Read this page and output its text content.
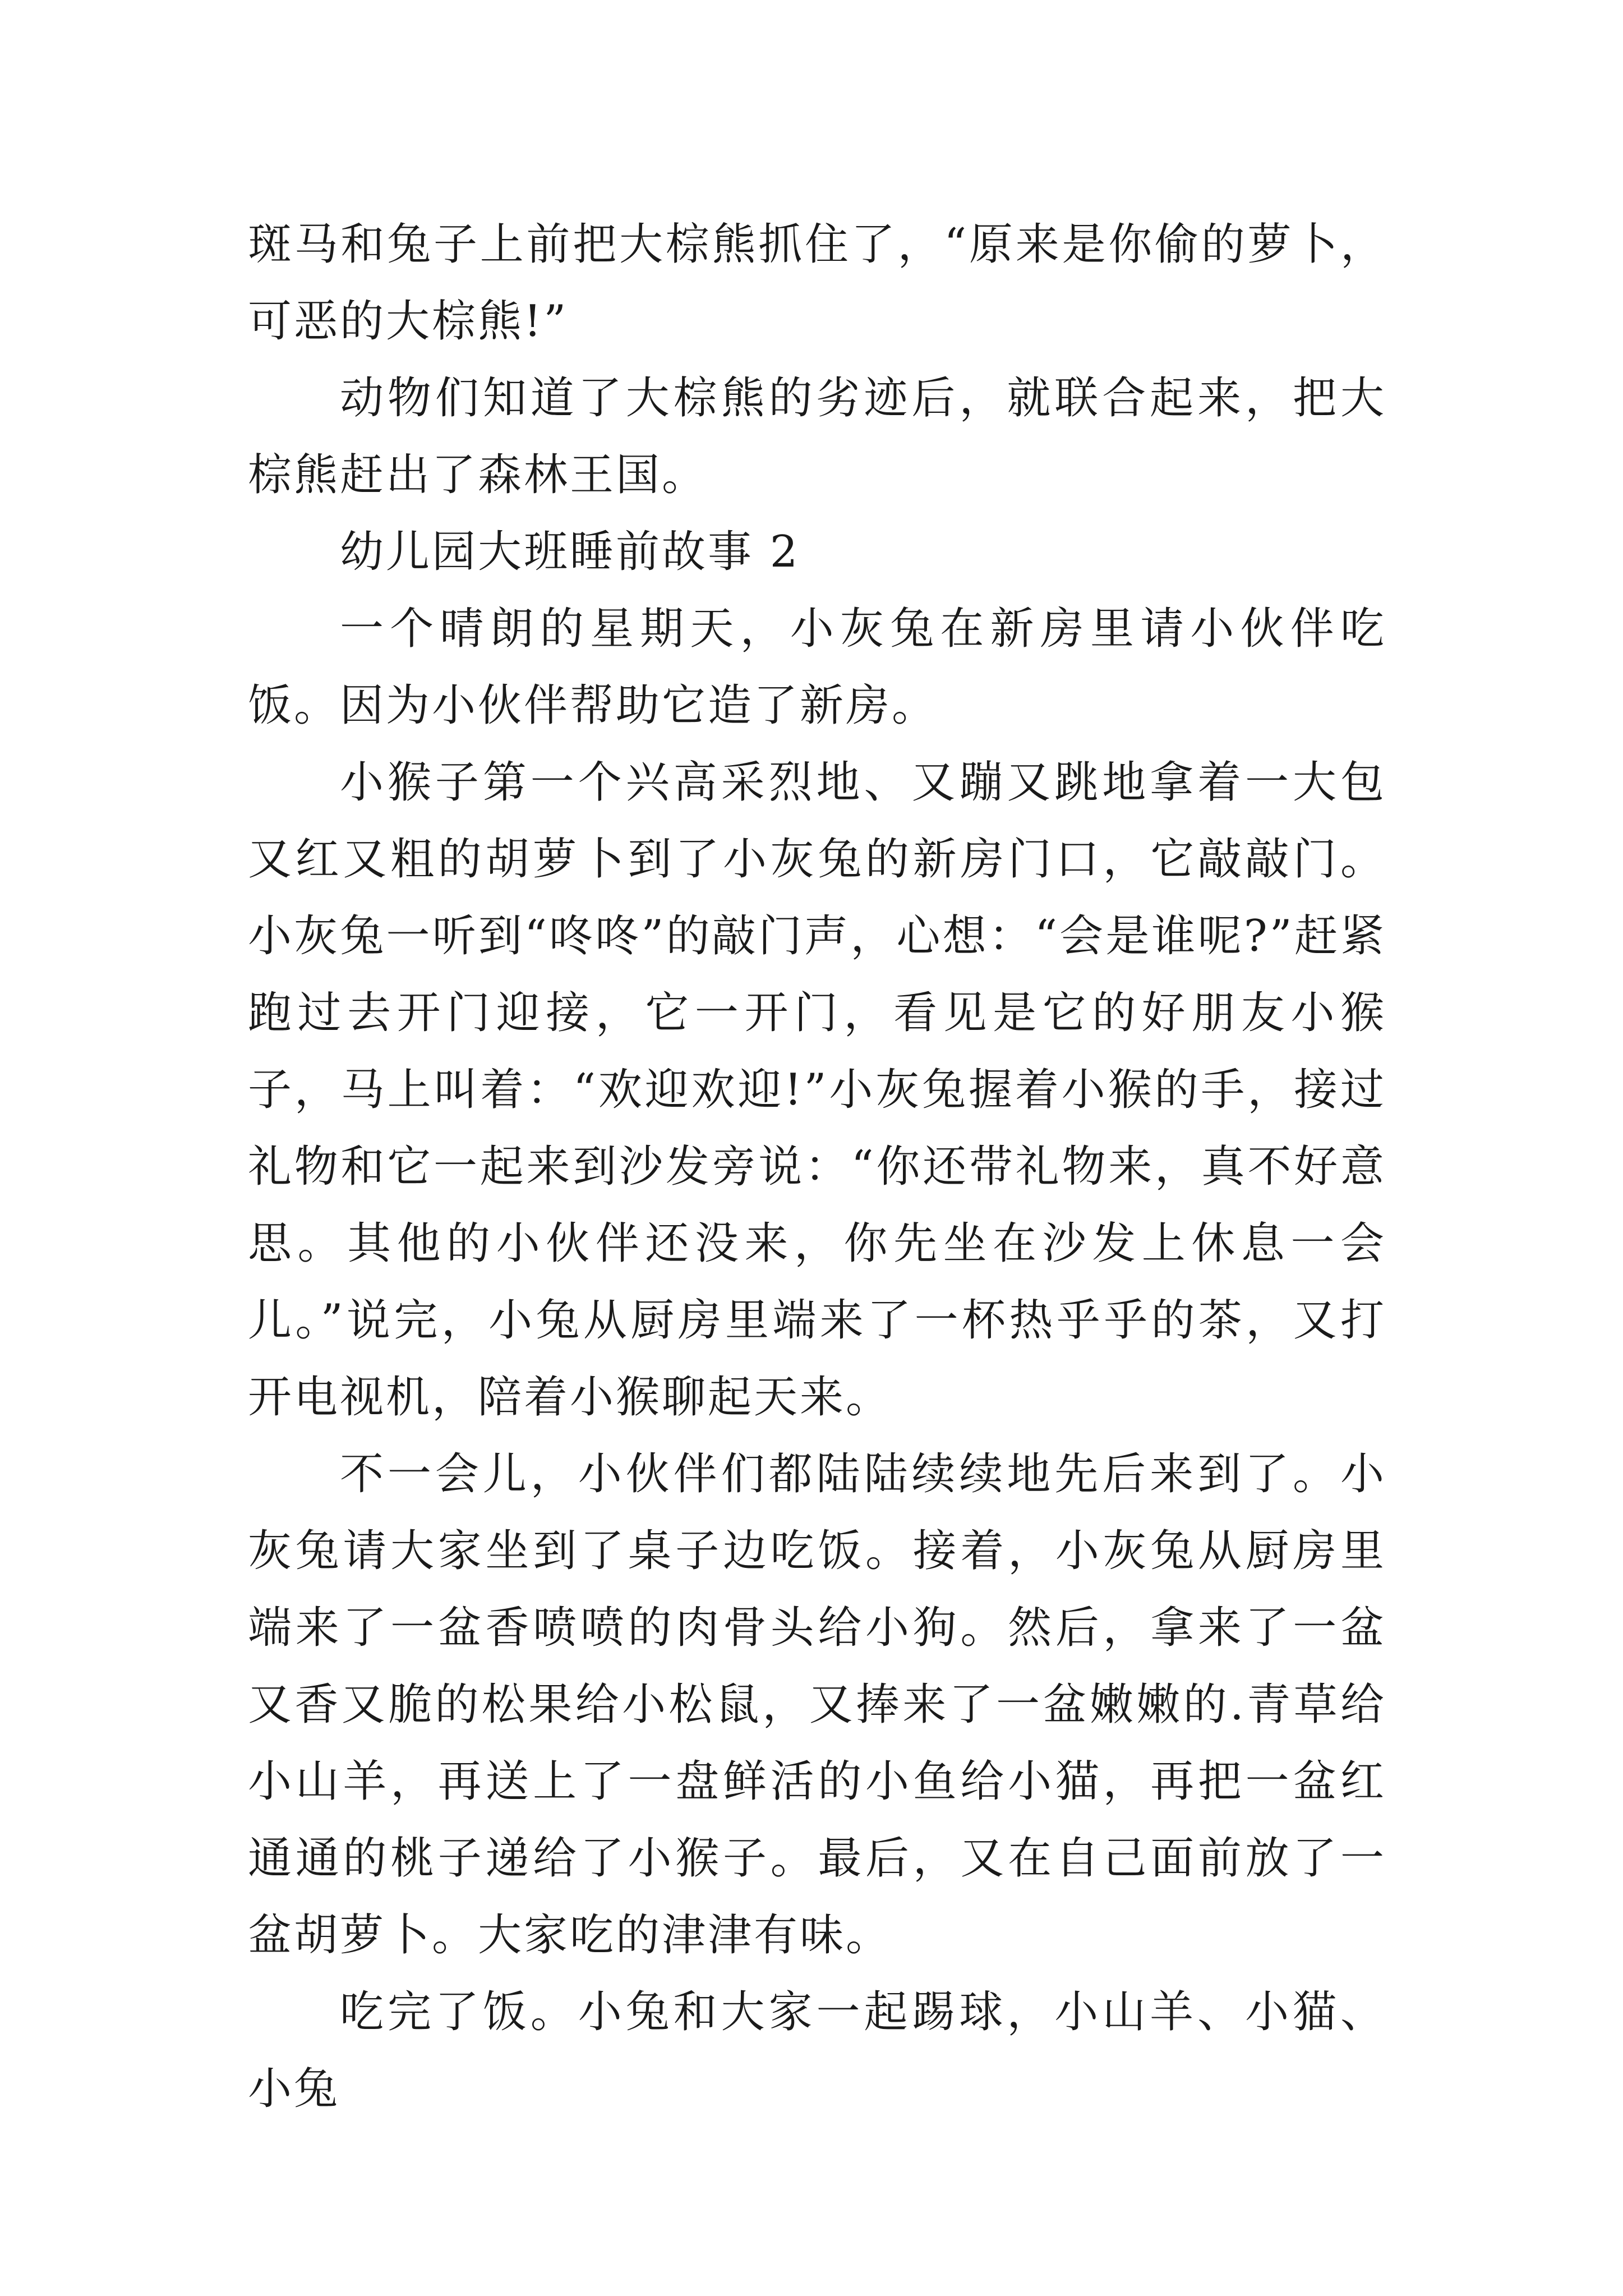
斑马和兔子上前把大棕熊抓住了，“原来是你偷的萝卜，可恶的大棕熊!”

动物们知道了大棕熊的劣迹后，就联合起来，把大棕熊赶出了森林王国。

幼儿园大班睡前故事 2

一个晴朗的星期天，小灰兔在新房里请小伙伴吃饭。因为小伙伴帮助它造了新房。

小猴子第一个兴高采烈地、又蹦又跳地拿着一大包又红又粗的胡萝卜到了小灰兔的新房门口，它敲敲门。小灰兔一听到“咚咚”的敲门声，心想：“会是谁呢?”赶紧跑过去开门迎接，它一开门，看见是它的好朋友小猴子，马上叫着：“欢迎欢迎!”小灰兔握着小猴的手，接过礼物和它一起来到沙发旁说：“你还带礼物来，真不好意思。其他的小伙伴还没来，你先坐在沙发上休息一会儿。”说完，小兔从厨房里端来了一杯热乎乎的茶，又打开电视机，陪着小猴聊起天来。

不一会儿，小伙伴们都陆陆续续地先后来到了。小灰兔请大家坐到了桌子边吃饭。接着，小灰兔从厨房里端来了一盆香喷喷的肉骨头给小狗。然后，拿来了一盆又香又脆的松果给小松鼠，又捧来了一盆嫩嫩的.青草给小山羊，再送上了一盘鲜活的小鱼给小猫，再把一盆红通通的桃子递给了小猴子。最后，又在自己面前放了一盆胡萝卜。大家吃的津津有味。

吃完了饭。小兔和大家一起踢球，小山羊、小猫、小兔
